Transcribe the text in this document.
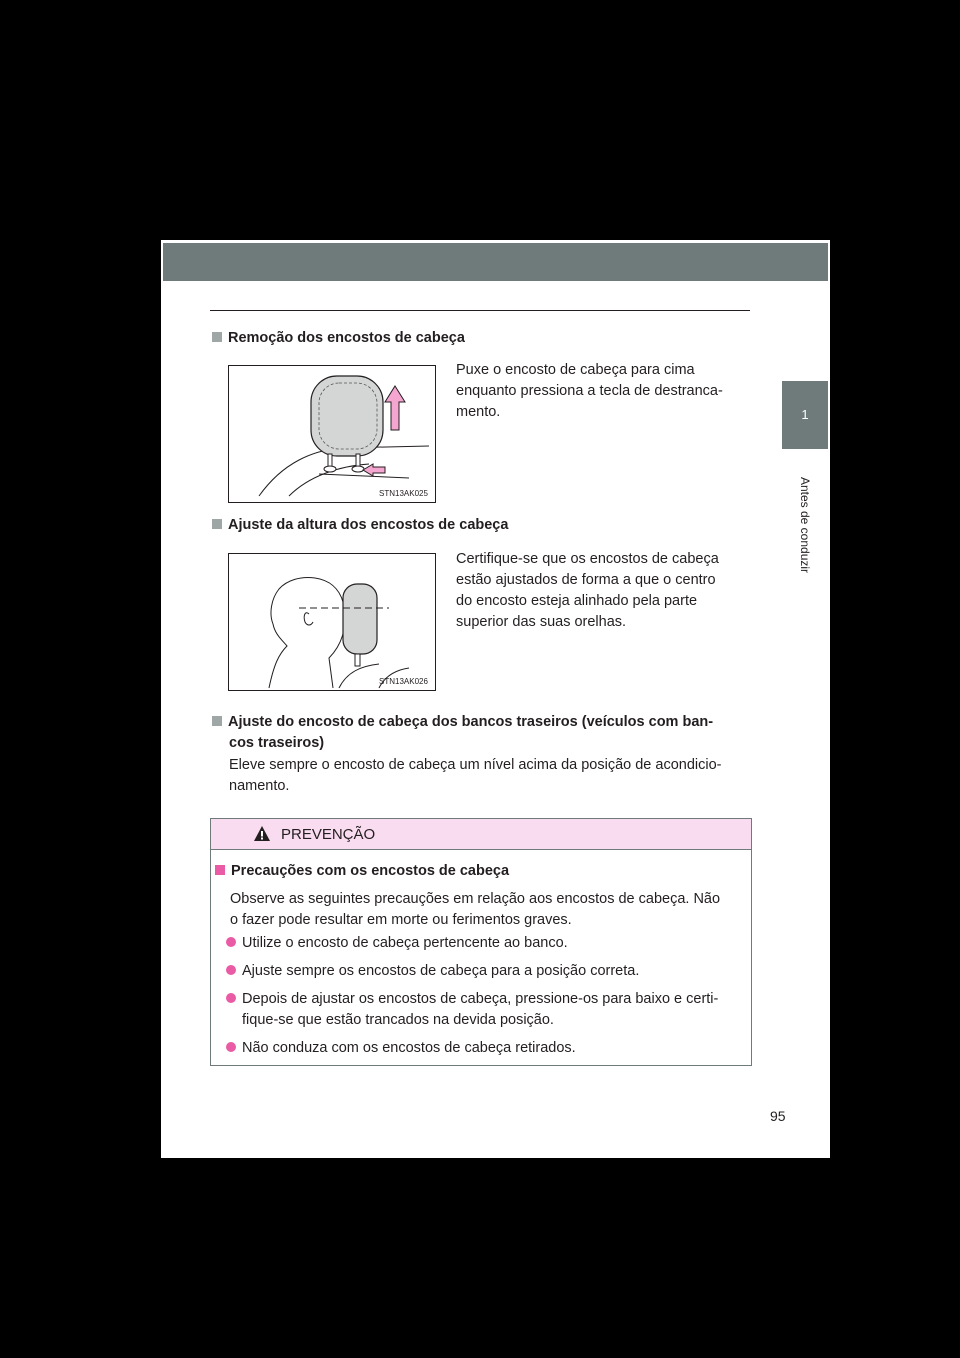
1
Antes de conduzir
Remoção dos encostos de cabeça
Puxe o encosto de cabeça para cima
enquanto pressiona a tecla de destranca-
mento.
STN13AK025
Ajuste da altura dos encostos de cabeça
Certifique-se que os encostos de cabeça
estão ajustados de forma a que o centro
do encosto esteja alinhado pela parte
superior das suas orelhas.
STN13AK026
Ajuste do encosto de cabeça dos bancos traseiros (veículos com ban-
cos traseiros)
Eleve sempre o encosto de cabeça um nível acima da posição de acondicio-
namento.
PREVENÇÃO
Precauções com os encostos de cabeça
Observe as seguintes precauções em relação aos encostos de cabeça. Não
o fazer pode resultar em morte ou ferimentos graves.
Utilize o encosto de cabeça pertencente ao banco.
Ajuste sempre os encostos de cabeça para a posição correta.
Depois de ajustar os encostos de cabeça, pressione-os para baixo e certi-
fique-se que estão trancados na devida posição.
Não conduza com os encostos de cabeça retirados.
95
